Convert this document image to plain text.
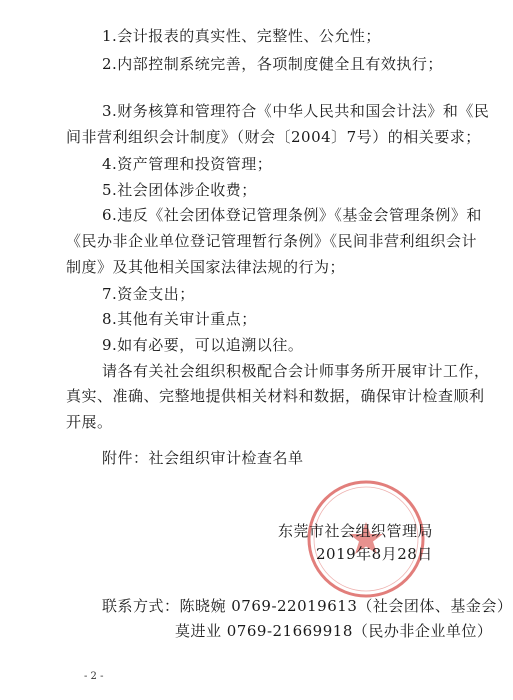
1.会计报表的真实性、完整性、公允性；
2.内部控制系统完善，各项制度健全且有效执行；
3.财务核算和管理符合《中华人民共和国会计法》和《民
间非营利组织会计制度》（财会〔2004〕7号）的相关要求；
4.资产管理和投资管理；
5.社会团体涉企收费；
6.违反《社会团体登记管理条例》《基金会管理条例》和
《民办非企业单位登记管理暂行条例》《民间非营利组织会计
制度》及其他相关国家法律法规的行为；
7.资金支出；
8.其他有关审计重点；
9.如有必要，可以追溯以往。
请各有关社会组织积极配合会计师事务所开展审计工作，
真实、准确、完整地提供相关材料和数据，确保审计检查顺利
开展。
附件：社会组织审计检查名单
东莞市社会组织管理局
2019年8月28日
联系方式：陈晓婉 0769-22019613（社会团体、基金会）
莫进业 0769-21669918（民办非企业单位）
- 2 -
